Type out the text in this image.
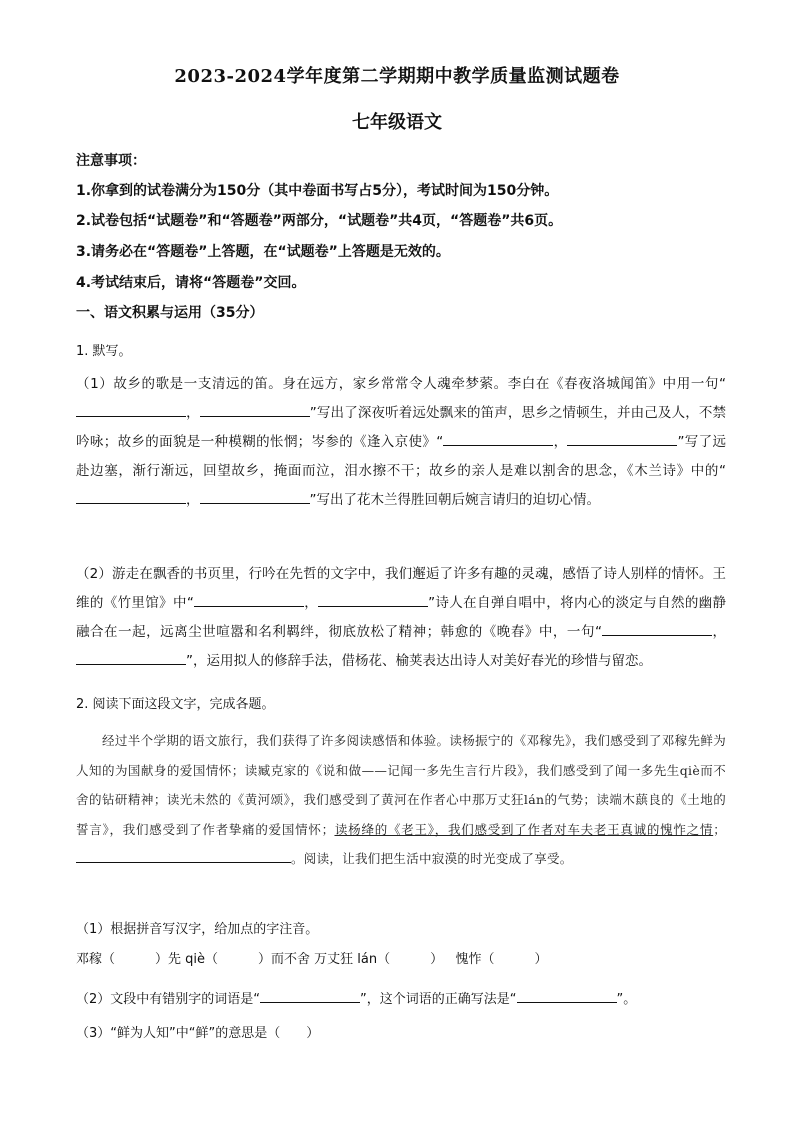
2023-2024学年度第二学期期中教学质量监测试题卷
七年级语文
注意事项：
1.你拿到的试卷满分为150分（其中卷面书写占5分），考试时间为150分钟。
2.试卷包括“试题卷”和“答题卷”两部分，“试题卷”共4页，“答题卷”共6页。
3.请务必在“答题卷”上答题，在“试题卷”上答题是无效的。
4.考试结束后，请将“答题卷”交回。
一、语文积累与运用（35分）
1. 默写。
（1）故乡的歌是一支清远的笛。身在远方，家乡常常令人魂牵梦萦。李白在《春夜洛城闻笛》中用一句“，	”写出了深夜听着远处飘来的笛声，思乡之情顿生，并由己及人，不禁吟咏；故乡的面貌是一种模糊的怅惘；岑参的《逢入京使》“	，	”写了远赴边塞，渐行渐远，回望故乡，掩面而泣，泪水擦不干；故乡的亲人是难以割舍的思念，《木兰诗》中的“，	”写出了花木兰得胜回朝后婉言请归的迫切心情。
（2）游走在飘香的书页里，行吟在先哲的文字中，我们邂逅了许多有趣的灵魂，感悟了诗人别样的情怀。王维的《竹里馆》中“	，	”诗人在自弹自唱中，将内心的淡定与自然的幽静融合在一起，远离尘世喧嚣和名利羁绊，彻底放松了精神；韩愈的《晚春》中，一句“	，”，运用拟人的修辞手法，借杨花、榆荚表达出诗人对美好春光的珍惜与留恋。
2. 阅读下面这段文字，完成各题。
经过半个学期的语文旅行，我们获得了许多阅读感悟和体验。读杨振宁的《邓稼先》，我们感受到了邓稼先鲜为人知的为国献身的爱国情怀；读臧克家的《说和做——记闻一多先生言行片段》，我们感受到了闻一多先生qiè而不舍的钻研精神；读光未然的《黄河颂》，我们感受到了黄河在作者心中那万丈狂lán的气势；读端木蕻良的《土地的誓言》，我们感受到了作者挚痛的爱国情怀；读杨绛的《老王》，我们感受到了作者对车夫老王真诚的愧怍之情；。阅读，让我们把生活中寂漠的时光变成了享受。
（1）根据拼音写汉字，给加点的字注音。
邓稼（	）先 qiè（	）而不舍 万丈狂 lán（	） 愧怍（	）
（2）文段中有错别字的词语是“	”，这个词语的正确写法是“	”。
（3）“鲜为人知”中“鲜”的意思是（　　）
